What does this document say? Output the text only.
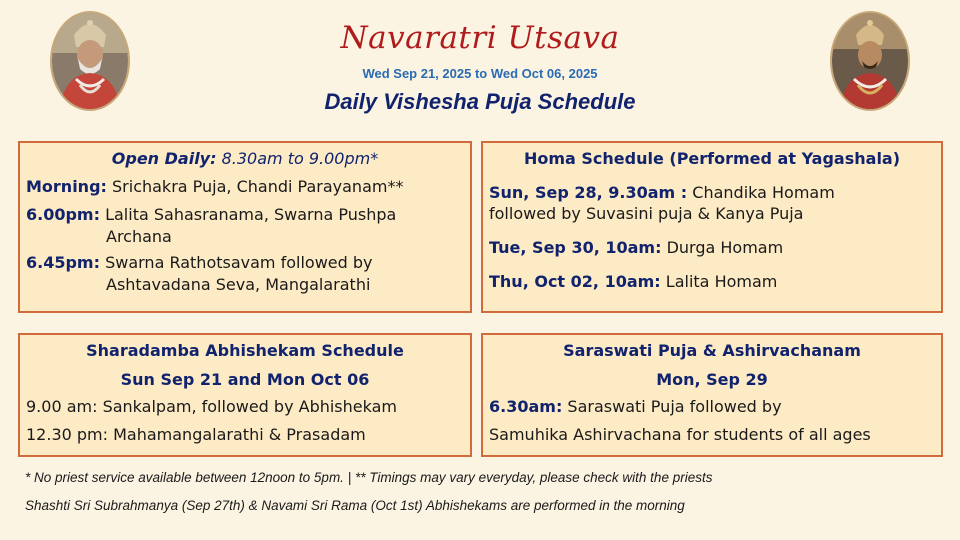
Navaratri Utsava
Wed Sep 21, 2025 to Wed Oct 06, 2025
Daily Vishesha Puja Schedule
Open Daily: 8.30am to 9.00pm*
Morning: Srichakra Puja, Chandi Parayanam**
6.00pm: Lalita Sahasranama, Swarna Pushpa
Archana
6.45pm: Swarna Rathotsavam followed by
Ashtavadana Seva, Mangalarathi
Homa Schedule (Performed at Yagashala)
Sun, Sep 28, 9.30am : Chandika Homam
followed by Suvasini puja & Kanya Puja
Tue, Sep 30, 10am: Durga Homam
Thu, Oct 02, 10am: Lalita Homam
Sharadamba Abhishekam Schedule
Sun Sep 21 and Mon Oct 06
9.00 am: Sankalpam, followed by Abhishekam
12.30 pm: Mahamangalarathi & Prasadam
Saraswati Puja & Ashirvachanam
Mon, Sep 29
6.30am: Saraswati Puja followed by
Samuhika Ashirvachana for students of all ages
* No priest service available between 12noon to 5pm. | ** Timings may vary everyday, please check with the priests
Shashti Sri Subrahmanya (Sep 27th) & Navami Sri Rama (Oct 1st) Abhishekams are performed in the morning
